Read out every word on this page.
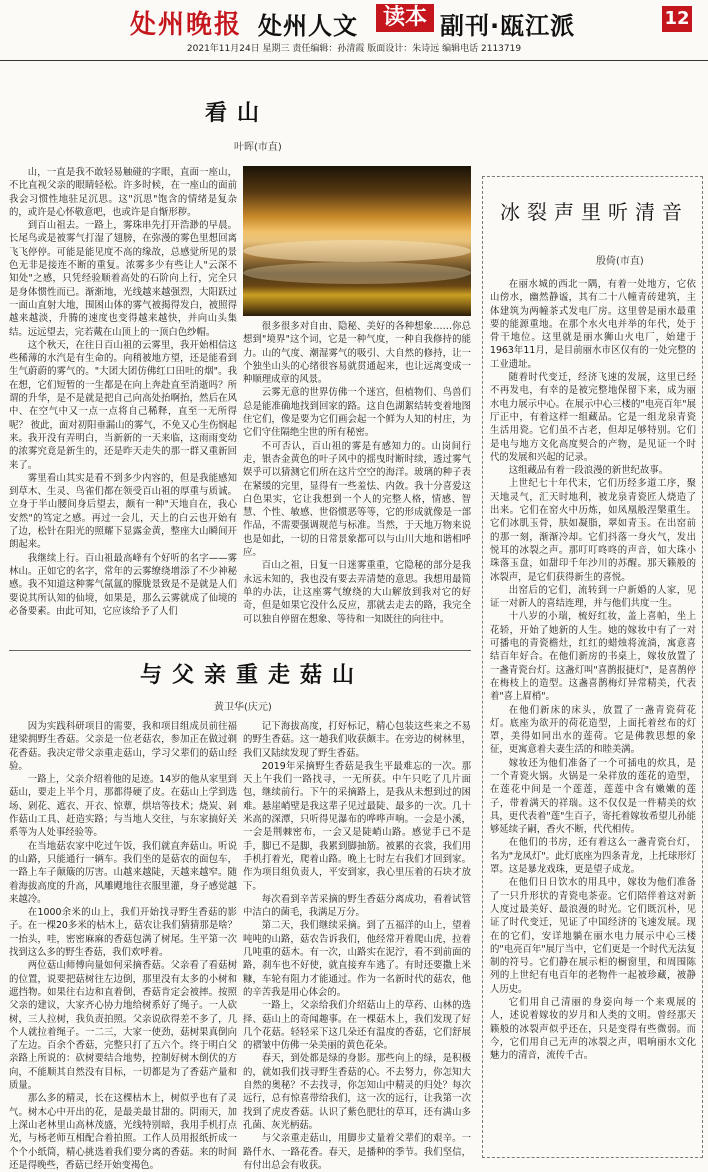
处州晚报 处州人文	读本 副刊·瓯江派	12
2021年11月24日 星期三 责任编辑：孙清霞 版面设计：朱诗远 编辑电话 2113719
看山
叶晖(市直)

山，一直是我不敢轻易触碰的字眼，直面一座山，不比直视父亲的眼睛轻松。许多时候，在一座山的面前我会习惯性地驻足沉思。这"沉思"饱含的情绪是复杂的，或许是心怀敬意吧，也或许是自惭形秽。

到百山祖去。一路上，雾珠串先打开浩渺的早晨。长尾鸟或是被雾气打湿了翅膀，在弥漫的雾色里想回离飞飞停停。可能是能见度不高的缘故，总感觉所见的景色无非是接连不断的重复。浓雾多少有些让人"云深不知处"之感，只凭经验顺着高处的石阶向上行，完全只是身体惯性而已。渐渐地，光线越来越强烈，大阳跃过一面山直射大地，围困山体的雾气被揭得发白，被照得越来越淡，升腾的速度也变得越来越快，并向山头集结。远远望去，完若戴在山顶上的一顶白色纱帽。

这个秋天，在往日百山祖的云雾里，我开始相信这些稀薄的水汽是有生命的。向稍被地方望，还是能看到生气蔚蔚的雾气的。"大团大团仿佛红口田吐的烟"。我在想，它们短暂的一生都是在向上奔赴直至消逝吗？所谓的升华，是不是就是把自己向高处抬啊抬，然后在风中、在空气中又一点一点将自己稀释，直至一无所得呢？ 彼此，面对初阳垂漏山的雾气，不免又心生伤悯起来。我开没有弄明白，当新新的一天来临，这雨雨变幼的浓雾究竟是新生的，还是昨天走失的那一群又重新回来了。

雾里看山其实是看不到多少内容的，但是我能感知到草木、生灵、鸟雀们都在领受百山祖的厚重与质诚。立身于半山腰间身后望去，颇有一种"天地自在，我心安然"的笃定之感。再过一会儿，天上的白云也开始有了边，松针在阳光的照耀下显露金黄，整座大山瞬间开朗起来。

我继续上行。百山祖最高峰有个好听的名字——雾林山。正如它的名字，常年的云雾缭绕增添了不少神秘感。我不知道这种雾气氤氲的朦胧景致是不是就是人们要说其所认知的仙境，如果是，那么云雾就成了仙境的必备要素。由此可知，它应该给予了人们

很多很多对自由、隐秘、美好的各种想象……你总想到"境界"这个词，它是一种气度，一种自我修持的能力。山的气度、潮湿雾气的吸引、大自然的修持，让一个独坐山头的心绪很容易就贯通起来，也让远离变成一种顺理成章的风景。

云雾无意的世界仿佛一个迷宫，但植物们、鸟兽们总是能准确地找到回家的路。这自色湖絮结转变着地图住它们，像是要为它们画会起一个鲜为人知的村庄，为它们守住隔绝尘世的所有秘密。

不可否认，百山祖的雾是有感知力的。山岗间行走，银杏金黄色的叶子风中的摇曳时断时续，透过雾气娱乎可以猜测它们所在这片空空的海洋。玻璃的种子表在紧缓的完里，显得有一些羞怯、内敛。我十分喜爱这白色果实，它让我想到一个人的完整人格，情感、智慧、个性、敏感、世俗惯恶等等，它的形成就像是一部作品，不需要强调规范与标准。当然，于天地万物来说也是如此，一切的日常景象都可以与山川大地和谐相呼应。

百山之祖，日复一日迷雾重重，它隐秘的部分是我永远未知的，我也没有要去弄清楚的意思。我想用最简单的办法，让这座雾气缭绕的大山解放到我对它的好奇，但是如果它没什么反应，那就去走去的路，我完全可以独自停留在想象、等待和一知既往的向往中。

与父亲重走菇山
黄卫华(庆元)

因为实践科研项目的需要，我和项目组成员前往福建梁拥野生香菇。父亲是一位老菇农，参加正在做过剃花香菇。我决定带父亲重走菇山，学习父辈们的菇山经验。

一路上，父亲介绍着他的足迹。14岁的他从家里到菇山，要走上半个月，那都得硬了皮。在菇山上学到选场、剁花、遮衣、开衣、惊蕈，烘培等技术；烧炭、剁作菇山工具、赶造实路；与当地人交往，与东家搞好关系等为人处事经验等。

在当地菇农家中吃过午饭，我们就直奔菇山。听说的山路，只能通行一辆车。我们坐的是菇农的面包车，一路上车子颠簸的厉害。山越来越陡，天越来越窄。随着海拔高度的升高，风雕飕地往衣服里灌，身子感觉越来越冷。

在1000余米的山上，我们开始找寻野生香菇的影子。在一棵20多米的枯木上，菇农让我们猜猜那是啥？一抬头，哇，密密麻麻的香菇包满了树尾。生平第一次找到这么多的野生香菇，我们欢呼着。

两位菇山师傅向量如何采摘香菇。父亲看了看菇树的位置，说要把菇树往左边倒，那里没有太多的小树和遮挡物。如果往右边和直着倒，香菇肯定会被摔。按照父亲的建议，大家齐心协力地给树系好了绳子。一人砍树，三人拉树，我负责拍照。父亲说砍得差不多了，几个人就拉着绳子。一二三，大家一使劲，菇树果真倒向了左边。百余个香菇，完整只打了五六个。终于明白父亲路上所说的：砍树要结合地势，控制好树木倒伏的方向，不能顺其自然没有目标，一切都是为了香菇产量和质量。

那么多的精灵，长在这棵枯木上，树似乎也有了灵气。树木心中开出的花，是最美最甘甜的。阴雨天，加上深山老林里山高林茂盛，光线特别暗，我用手机打点光，与杨老师互相配合着拍照。工作人员用报纸折成一个个小纸筒，精心挑选着我们要分离的香菇。来的时间还是得晚些，香菇已经开始变褐色。

记下海拔高度，打好标记，精心包装这些来之不易的野生香菇。这一趟我们收获颇丰。在旁边的树林里，我们又陆续发现了野生香菇。

2019年采摘野生香菇是我生平最难忘的一次。那天上午我们一路找寻，一无所获。中午只吃了几片面包，继续前行。下午的采摘路上，是我从未想到过的困难。悬崖峭壁是我这辈子见过最陡、最多的一次。几十米高的深潭，只听得见瀑布的哗哗声响。一会是小溪，一会是荆棘密布，一会又是陡峭山路。感觉手已不是手，脚已不是脚，我累到脚抽筋。被累的衣裳，我们用手机打着光，爬着山路。晚上七时左右我们才回到家。作为项目组负责人，平安到家，我心里压着的石块才放下。

每次看到辛苦采摘的野生香菇分离成功，看着试管中洁白的菌毛，我满足万分。

第二天，我们继续采摘。到了五福洋的山上，望着吨吨的山路，菇农告诉我们，他经常开着爬山虎，拉着几吨重的菇木。有一次，山路实在泥泞，看不到前面的路，刹车也不好使，就直接弃车逃了。有时还要撒上米糠，车轮有阻力才能通过。作为一名新时代的菇农，他的辛苦我是用心体会的。

一路上，父亲给我们介绍菇山上的草药、山林的选择、菇山上的奇闻趣事。在一棵菇木上，我们发现了好几个花菇。轻轻采下这几朵还有温度的香菇，它们舒展的褶皱中仿佛一朵美丽的黄色花朵。

春天，到处都是绿的身影。那些向上的绿，是积极的，就如我们找寻野生香菇的心。不去努力，你怎知大自然的奥秘？不去找寻，你怎知山中精灵的归处？每次远行，总有惊喜带给我们，这一次的远行，让我第一次找到了虎皮香菇。认识了紫色肥壮的草耳，还有满山多孔菌、灰光柄菇。

与父亲重走菇山，用脚步丈量着父辈们的艰辛。一路仟水、一路花香。春天，是播种的季节。我们坚信，有付出总会有收获。

冰裂声里听清音
殷倚(市直)

在丽水城的西北一隅，有着一处地方，它依山傍水，幽然静谧，其有二十八幢青砖建筑，主体建筑为两幢茶式发电厂房。这里曾是丽水最重要的能源重地。在那个水火电并举的年代，处于骨干地位。这里就是丽水狮山火电厂，始建于1963年11月，是目前丽水市区仅有的一处完整的工业遗址。

随着时代变迁，经济飞速的发展，这里已经不再发电，有幸的是被完整地保留下来，成为丽水电力展示中心。在展示中心三楼的"电亮百年"展厅正中，有着这样一组藏品。它是一组龙泉青瓷生活用瓷。它们虽不古老，但却足够特别。它们是电与地方文化高度契合的产物，是见证一个时代的发展和兴起的记录。

这组藏品有着一段浪漫的新世纪故事。

上世纪七十年代末，它们历经多道工序，聚天地灵气，汇天时地利，被龙泉青瓷匠人烧造了出来。它们在窑火中历炼，如凤凰般涅槃重生。它们冰肌玉骨，肤如凝脂，翠如青玉。在出窑前的那一刻，渐渐冷却。它们抖落一身火气，发出悦耳的冰裂之声。那叮叮咚咚的声音，如大珠小珠落玉盘，如甜印千年沙川的苏醒。那天籁般的冰裂声，是它们获得新生的喜悦。

出窑后的它们，流转到一户新婚的人家，见证一对新人的喜结连理，并与他们共度一生。

十八岁的小瑞，梳好红妆，盖上喜帕，坐上花轿，开始了她新的人生。她的嫁妆中有了一对可播电的青瓷檐灶，红红的蜡烛将流淌，寓意喜结百年好合。在他们新房的书桌上，嫁妆放置了一盏青瓷台灯。这盏灯叫"喜鹊报捷灯"，是喜鹊停在梅枝上的造型。这盏喜鹊梅灯异常精美，代表着"喜上眉梢"。

在他们新床的床头，放置了一盏青瓷荷花灯。底座为欲开的荷花造型，上面托着丝布的灯罩，美得如同出水的莲荷。它是佛教思想的象征，更寓意着夫妻生活的和睦美满。

嫁妆还为他们准备了一个可插电的炊具，是一个青瓷火锅。火锅是一朵祥放的莲花的造型，在莲花中间是一个莲莲，莲莲中含有嫩嫩的莲子，带着满天的祥瑞。这不仅仅是一件精美的炊具，更代表着"莲"生百子，寄托着嫁妆希望儿孙能够延续子嗣，香火不断，代代相传。

在他们的书房，还有着这么一盏青瓷台灯，名为"龙凤灯"。此灯底座为四条青龙，上托球形灯罩。这是暴龙戏珠，更是望子成龙。

在他们日日饮水的用具中，嫁妆为他们准备了一只升形状的青瓷电茶壶。它们陪伴着这对新人度过最美好、最浪漫的时光。它们既沉朴，见证了时代变迁，见证了中国经济的飞速发展。现在的它们，安详地躺在丽水电力展示中心三楼的"电亮百年"展厅当中，它们更是一个时代无法复制的符号。它们静在展示柜的橱窗里，和周围陈列的上世纪有电百年的老物件一起被珍藏，被静人历史。

它们用自己清丽的身姿向每一个来观展的人，述说着嫁妆的岁月和人类的文明。曾经那天籁般的冰裂声似乎还在，只是变得有些微弱。而今，它们用自己无声的冰裂之声，唱响丽水文化魅力的清音，流传千古。
